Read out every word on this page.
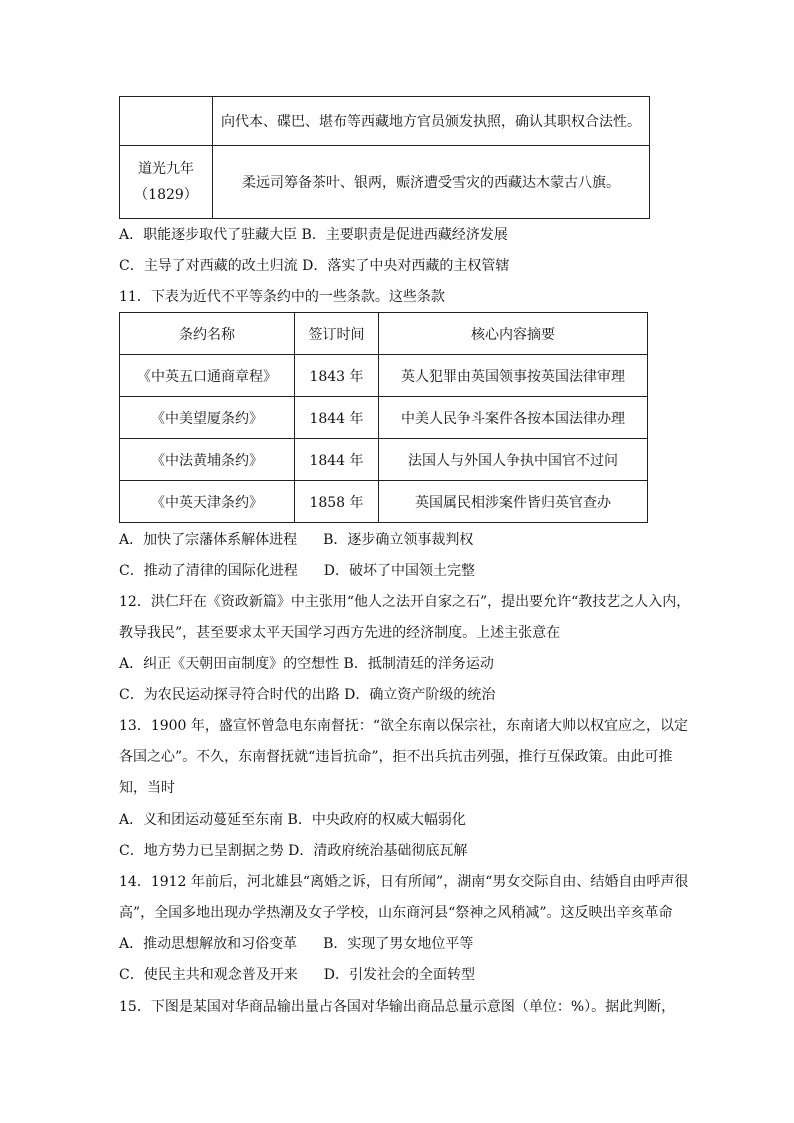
	向代本、碟巴、堪布等西藏地方官员颁发执照，确认其职权合法性。

道光九年
（1829）	柔远司筹备茶叶、银两，赈济遭受雪灾的西藏达木蒙古八旗。
A．职能逐步取代了驻藏大臣 B．主要职责是促进西藏经济发展
C．主导了对西藏的改土归流 D．落实了中央对西藏的主权管辖
11．下表为近代不平等条约中的一些条款。这些条款
条约名称	签订时间	核心内容摘要
《中英五口通商章程》	1843 年	英人犯罪由英国领事按英国法律审理
《中美望厦条约》	1844 年	中美人民争斗案件各按本国法律办理
《中法黄埔条约》	1844 年	法国人与外国人争执中国官不过问
《中英天津条约》	1858 年	英国属民相涉案件皆归英官查办
A．加快了宗藩体系解体进程 B．逐步确立领事裁判权
C．推动了清律的国际化进程 D．破坏了中国领土完整
12．洪仁玕在《资政新篇》中主张用“他人之法开自家之石”，提出要允许“教技艺之人入内，
教导我民”，甚至要求太平天国学习西方先进的经济制度。上述主张意在
A．纠正《天朝田亩制度》的空想性 B．抵制清廷的洋务运动
C．为农民运动探寻符合时代的出路 D．确立资产阶级的统治
13．1900 年，盛宣怀曾急电东南督抚：“欲全东南以保宗社，东南诸大帅以权宜应之，以定
各国之心”。不久，东南督抚就“违旨抗命”，拒不出兵抗击列强，推行互保政策。由此可推
知，当时
A．义和团运动蔓延至东南 B．中央政府的权威大幅弱化
C．地方势力已呈割据之势 D．清政府统治基础彻底瓦解
14．1912 年前后，河北雄县“离婚之诉，日有所闻”，湖南“男女交际自由、结婚自由呼声很
高”，全国多地出现办学热潮及女子学校，山东商河县“祭神之风稍减”。这反映出辛亥革命
A．推动思想解放和习俗变革 B．实现了男女地位平等
C．使民主共和观念普及开来 D．引发社会的全面转型
15．下图是某国对华商品输出量占各国对华输出商品总量示意图（单位：%）。据此判断，
